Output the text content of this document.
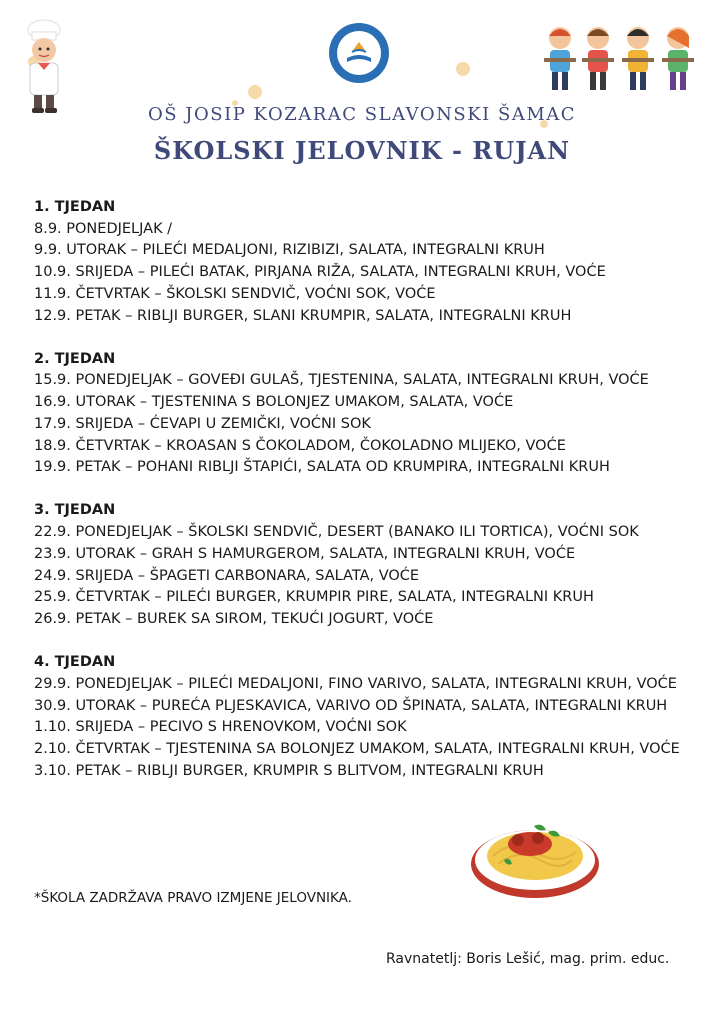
OŠ JOSIP KOZARAC SLAVONSKI ŠAMAC
ŠKOLSKI JELOVNIK - RUJAN
1. TJEDAN
8.9. PONEDJELJAK /
9.9. UTORAK – PILEĆI MEDALJONI, RIZIBIZI, SALATA, INTEGRALNI KRUH
10.9. SRIJEDA – PILEĆI BATAK, PIRJANA RIŽA, SALATA, INTEGRALNI KRUH, VOĆE
11.9. ČETVRTAK – ŠKOLSKI SENDVIČ, VOĆNI SOK, VOĆE
12.9. PETAK – RIBLJI BURGER, SLANI KRUMPIR, SALATA, INTEGRALNI KRUH
2. TJEDAN
15.9. PONEDJELJAK – GOVEĐI GULAŠ, TJESTENINA, SALATA, INTEGRALNI KRUH, VOĆE
16.9. UTORAK – TJESTENINA S BOLONJEZ UMAKOM, SALATA, VOĆE
17.9. SRIJEDA – ĆEVAPI U ZEMIČKI, VOĆNI SOK
18.9. ČETVRTAK – KROASAN S ČOKOLADOM, ČOKOLADNO MLIJEKO, VOĆE
19.9. PETAK – POHANI RIBLJI ŠTAPIĆI, SALATA OD KRUMPIRA, INTEGRALNI KRUH
3. TJEDAN
22.9. PONEDJELJAK – ŠKOLSKI SENDVIČ, DESERT (BANAKO ILI TORTICA), VOĆNI SOK
23.9. UTORAK – GRAH S HAMURGEROM, SALATA, INTEGRALNI KRUH, VOĆE
24.9. SRIJEDA – ŠPAGETI CARBONARA, SALATA, VOĆE
25.9. ČETVRTAK – PILEĆI BURGER, KRUMPIR PIRE, SALATA, INTEGRALNI KRUH
26.9. PETAK – BUREK SA SIROM, TEKUĆI JOGURT, VOĆE
4. TJEDAN
29.9. PONEDJELJAK – PILEĆI MEDALJONI, FINO VARIVO, SALATA, INTEGRALNI KRUH, VOĆE
30.9. UTORAK – PUREĆA PLJESKAVICA, VARIVO OD ŠPINATA, SALATA, INTEGRALNI KRUH
1.10. SRIJEDA – PECIVO S HRENOVKOM, VOĆNI SOK
2.10. ČETVRTAK – TJESTENINA SA BOLONJEZ UMAKOM, SALATA, INTEGRALNI KRUH, VOĆE
3.10. PETAK – RIBLJI BURGER, KRUMPIR S BLITVOM, INTEGRALNI KRUH
*ŠKOLA ZADRŽAVA PRAVO IZMJENE JELOVNIKA.
Ravnatetlj: Boris Lešić, mag. prim. educ.
